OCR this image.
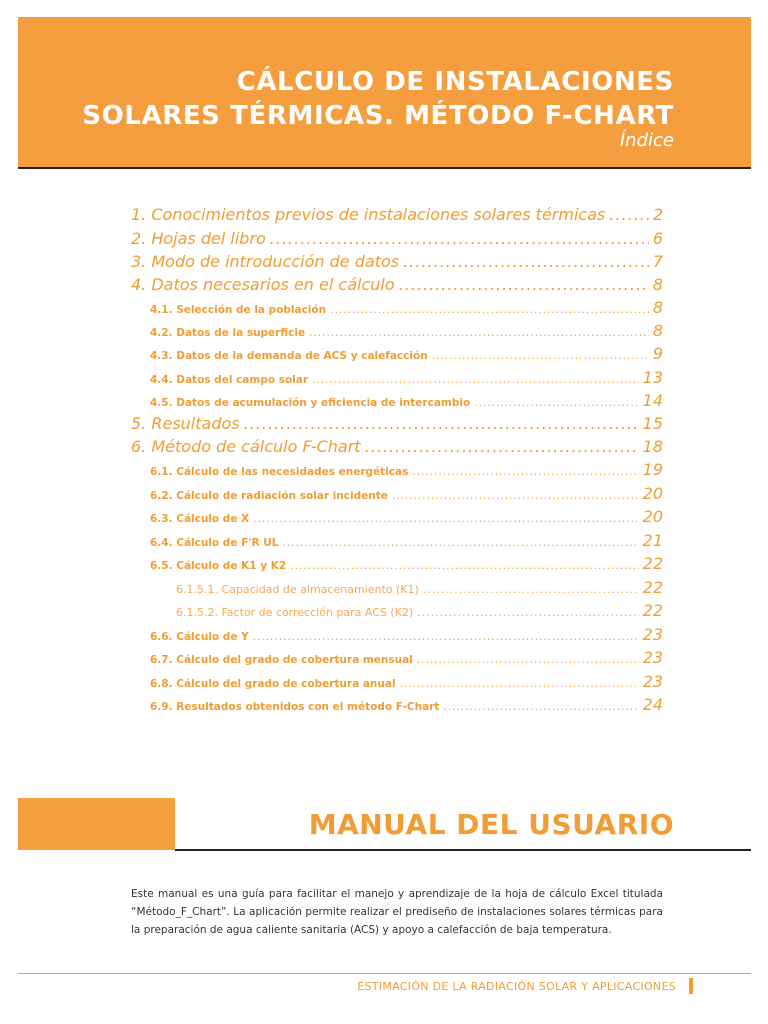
CÁLCULO DE INSTALACIONES
SOLARES TÉRMICAS. MÉTODO F-CHART
Índice
1. Conocimientos previos de instalaciones solares térmicas .....	2
2. Hojas del libro .....	6
3. Modo de introducción de datos .....	7
4. Datos necesarios en el cálculo .....	8
4.1. Selección de la población .....	8
4.2. Datos de la superficie .....	8
4.3. Datos de la demanda de ACS y calefacción .....	9
4.4. Datos del campo solar .....	13
4.5. Datos de acumulación y eficiencia de intercambio .....	14
5. Resultados .....	15
6. Método de cálculo F-Chart .....	18
6.1. Cálculo de las necesidades energéticas .....	19
6.2. Cálculo de radiación solar incidente .....	20
6.3. Cálculo de X .....	20
6.4. Cálculo de F'R UL .....	21
6.5. Cálculo de K1 y K2 .....	22
6.1.5.1. Capacidad de almacenamiento (K1) .....	22
6.1.5.2. Factor de corrección para ACS (K2) .....	22
6.6. Cálculo de Y .....	23
6.7. Cálculo del grado de cobertura mensual .....	23
6.8. Cálculo del grado de cobertura anual .....	23
6.9. Resultados obtenidos con el método F-Chart .....	24
MANUAL DEL USUARIO

Este manual es una guía para facilitar el manejo y aprendizaje de la hoja de cálculo Excel titulada “Método_F_Chart”. La aplicación permite realizar el prediseño de instalaciones solares térmicas para la preparación de agua caliente sanitaria (ACS) y apoyo a calefacción de baja temperatura.

ESTIMACIÓN DE LA RADIACIÓN SOLAR Y APLICACIONES
